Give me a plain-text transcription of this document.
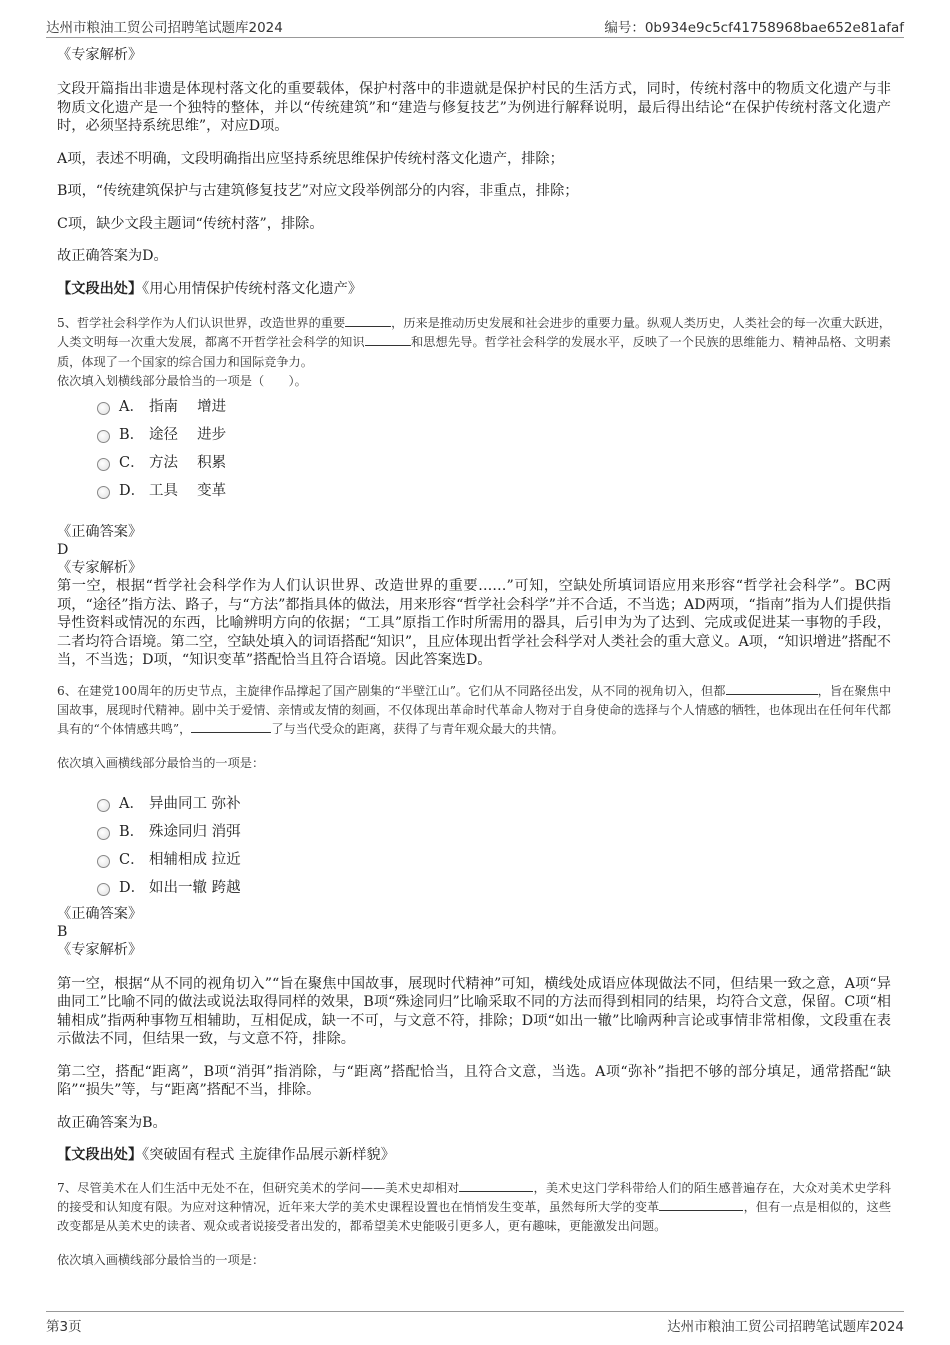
达州市粮油工贸公司招聘笔试题库2024	编号：0b934e9c5cf41758968bae652e81afaf
《专家解析》
文段开篇指出非遗是体现村落文化的重要载体，保护村落中的非遗就是保护村民的生活方式，同时，传统村落中的物质文化遗产与非物质文化遗产是一个独特的整体，并以“传统建筑”和“建造与修复技艺”为例进行解释说明，最后得出结论“在保护传统村落文化遗产时，必须坚持系统思维”，对应D项。
A项，表述不明确，文段明确指出应坚持系统思维保护传统村落文化遗产，排除；
B项，“传统建筑保护与古建筑修复技艺”对应文段举例部分的内容，非重点，排除；
C项，缺少文段主题词“传统村落”，排除。
故正确答案为D。
【文段出处】《用心用情保护传统村落文化遗产》
5、哲学社会科学作为人们认识世界，改造世界的重要	，历来是推动历史发展和社会进步的重要力量。纵观人类历史，人类社会的每一次重大跃进，人类文明每一次重大发展，都离不开哲学社会科学的知识	和思想先导。哲学社会科学的发展水平，反映了一个民族的思维能力、精神品格、文明素质，体现了一个国家的综合国力和国际竞争力。
依次填入划横线部分最恰当的一项是（　　）。
A． 指南　 增进
B． 途径　 进步
C． 方法　 积累
D． 工具　 变革
《正确答案》
D
《专家解析》
第一空，根据“哲学社会科学作为人们认识世界、改造世界的重要……”可知，空缺处所填词语应用来形容“哲学社会科学”。BC两项，“途径”指方法、路子，与“方法”都指具体的做法，用来形容“哲学社会科学”并不合适，不当选；AD两项，“指南”指为人们提供指导性资料或情况的东西，比喻辨明方向的依据；“工具”原指工作时所需用的器具，后引申为为了达到、完成或促进某一事物的手段，二者均符合语境。第二空，空缺处填入的词语搭配“知识”，且应体现出哲学社会科学对人类社会的重大意义。A项，“知识增进”搭配不当，不当选；D项，“知识变革”搭配恰当且符合语境。因此答案选D。
6、在建党100周年的历史节点，主旋律作品撑起了国产剧集的“半壁江山”。它们从不同路径出发，从不同的视角切入，但都	，旨在聚焦中国故事，展现时代精神。剧中关于爱情、亲情或友情的刻画，不仅体现出革命时代革命人物对于自身使命的选择与个人情感的牺牲，也体现出在任何年代都具有的“个体情感共鸣”，	了与当代受众的距离，获得了与青年观众最大的共情。
依次填入画横线部分最恰当的一项是：
A． 异曲同工 弥补
B． 殊途同归 消弭
C． 相辅相成 拉近
D． 如出一辙 跨越
《正确答案》
B
《专家解析》
第一空，根据“从不同的视角切入”“旨在聚焦中国故事，展现时代精神”可知，横线处成语应体现做法不同，但结果一致之意，A项“异曲同工”比喻不同的做法或说法取得同样的效果，B项“殊途同归”比喻采取不同的方法而得到相同的结果，均符合文意，保留。C项“相辅相成”指两种事物互相辅助，互相促成，缺一不可，与文意不符，排除；D项“如出一辙”比喻两种言论或事情非常相像，文段重在表示做法不同，但结果一致，与文意不符，排除。
第二空，搭配“距离”，B项“消弭”指消除，与“距离”搭配恰当，且符合文意，当选。A项“弥补”指把不够的部分填足，通常搭配“缺陷”“损失”等，与“距离”搭配不当，排除。
故正确答案为B。
【文段出处】《突破固有程式 主旋律作品展示新样貌》
7、尽管美术在人们生活中无处不在，但研究美术的学问——美术史却相对	，美术史这门学科带给人们的陌生感普遍存在，大众对美术史学科的接受和认知度有限。为应对这种情况，近年来大学的美术史课程设置也在悄悄发生变革，虽然每所大学的变革	，但有一点是相似的，这些改变都是从美术史的读者、观众或者说接受者出发的，都希望美术史能吸引更多人，更有趣味，更能激发出问题。
依次填入画横线部分最恰当的一项是：
第3页	达州市粮油工贸公司招聘笔试题库2024
